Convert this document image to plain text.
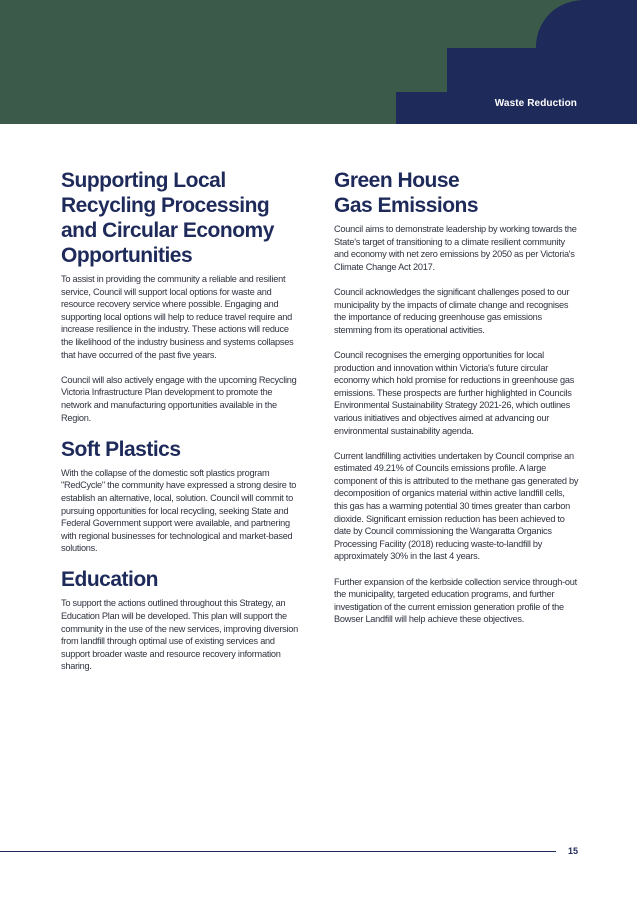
Waste Reduction
Supporting Local Recycling Processing and Circular Economy Opportunities

To assist in providing the community a reliable and resilient service, Council will support local options for waste and resource recovery service where possible. Engaging and supporting local options will help to reduce travel require and increase resilience in the industry. These actions will reduce the likelihood of the industry business and systems collapses that have occurred of the past five years.

Council will also actively engage with the upcoming Recycling Victoria Infrastructure Plan development to promote the network and manufacturing opportunities available in the Region.

Soft Plastics

With the collapse of the domestic soft plastics program "RedCycle" the community have expressed a strong desire to establish an alternative, local, solution. Council will commit to pursuing opportunities for local recycling, seeking State and Federal Government support were available, and partnering with regional businesses for technological and market-based solutions.

Education

To support the actions outlined throughout this Strategy, an Education Plan will be developed. This plan will support the community in the use of the new services, improving diversion from landfill through optimal use of existing services and support broader waste and resource recovery information sharing.

Green House Gas Emissions

Council aims to demonstrate leadership by working towards the State's target of transitioning to a climate resilient community and economy with net zero emissions by 2050 as per Victoria's Climate Change Act 2017.

Council acknowledges the significant challenges posed to our municipality by the impacts of climate change and recognises the importance of reducing greenhouse gas emissions stemming from its operational activities.

Council recognises the emerging opportunities for local production and innovation within Victoria's future circular economy which hold promise for reductions in greenhouse gas emissions. These prospects are further highlighted in Councils Environmental Sustainability Strategy 2021-26, which outlines various initiatives and objectives aimed at advancing our environmental sustainability agenda.

Current landfilling activities undertaken by Council comprise an estimated 49.21% of Councils emissions profile. A large component of this is attributed to the methane gas generated by decomposition of organics material within active landfill cells, this gas has a warming potential 30 times greater than carbon dioxide. Significant emission reduction has been achieved to date by Council commissioning the Wangaratta Organics Processing Facility (2018) reducing waste-to-landfill by approximately 30% in the last 4 years.

Further expansion of the kerbside collection service through-out the municipality, targeted education programs, and further investigation of the current emission generation profile of the Bowser Landfill will help achieve these objectives.

15
